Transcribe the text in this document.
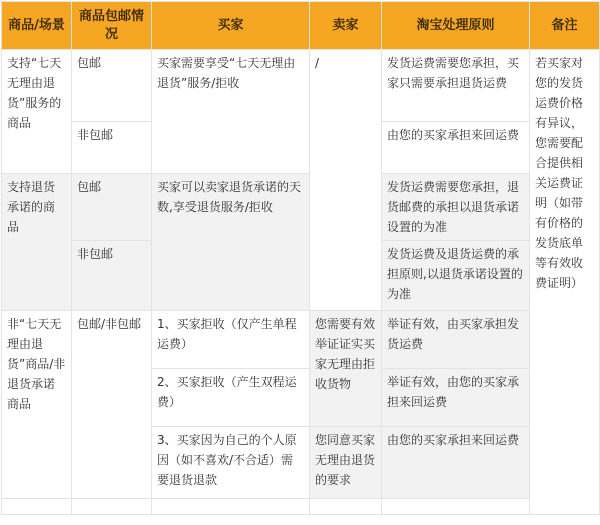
商品/场景	商品包邮情况	买家	卖家	淘宝处理原则	备注
支持“七天无理由退货”服务的商品	包邮	买家需要享受“七天无理由退货”服务/拒收	/	发货运费需要您承担，买家只需要承担退货运费	若买家对您的发货运费价格有异议，您需要配合提供相关运费证明（如带有价格的发货底单等有效收费证明）
	非包邮			由您的买家承担来回运费	
支持退货承诺的商品	包邮	买家可以卖家退货承诺的天数,享受退货服务/拒收		发货运费需要您承担，退货邮费的承担以退货承诺设置的为准	
	非包邮			发货运费及退货运费的承担原则,以退货承诺设置的为准	
非“七天无理由退货”商品/非退货承诺商品	包邮/非包邮	1、买家拒收（仅产生单程运费）	您需要有效举证证实买家无理由拒收货物	举证有效，由买家承担发货运费	
		2、买家拒收（产生双程运费）		举证有效，由您的买家承担来回运费	
		3、买家因为自己的个人原因（如不喜欢/不合适）需要退货退款	您同意买家无理由退货的要求	由您的买家承担来回运费	
